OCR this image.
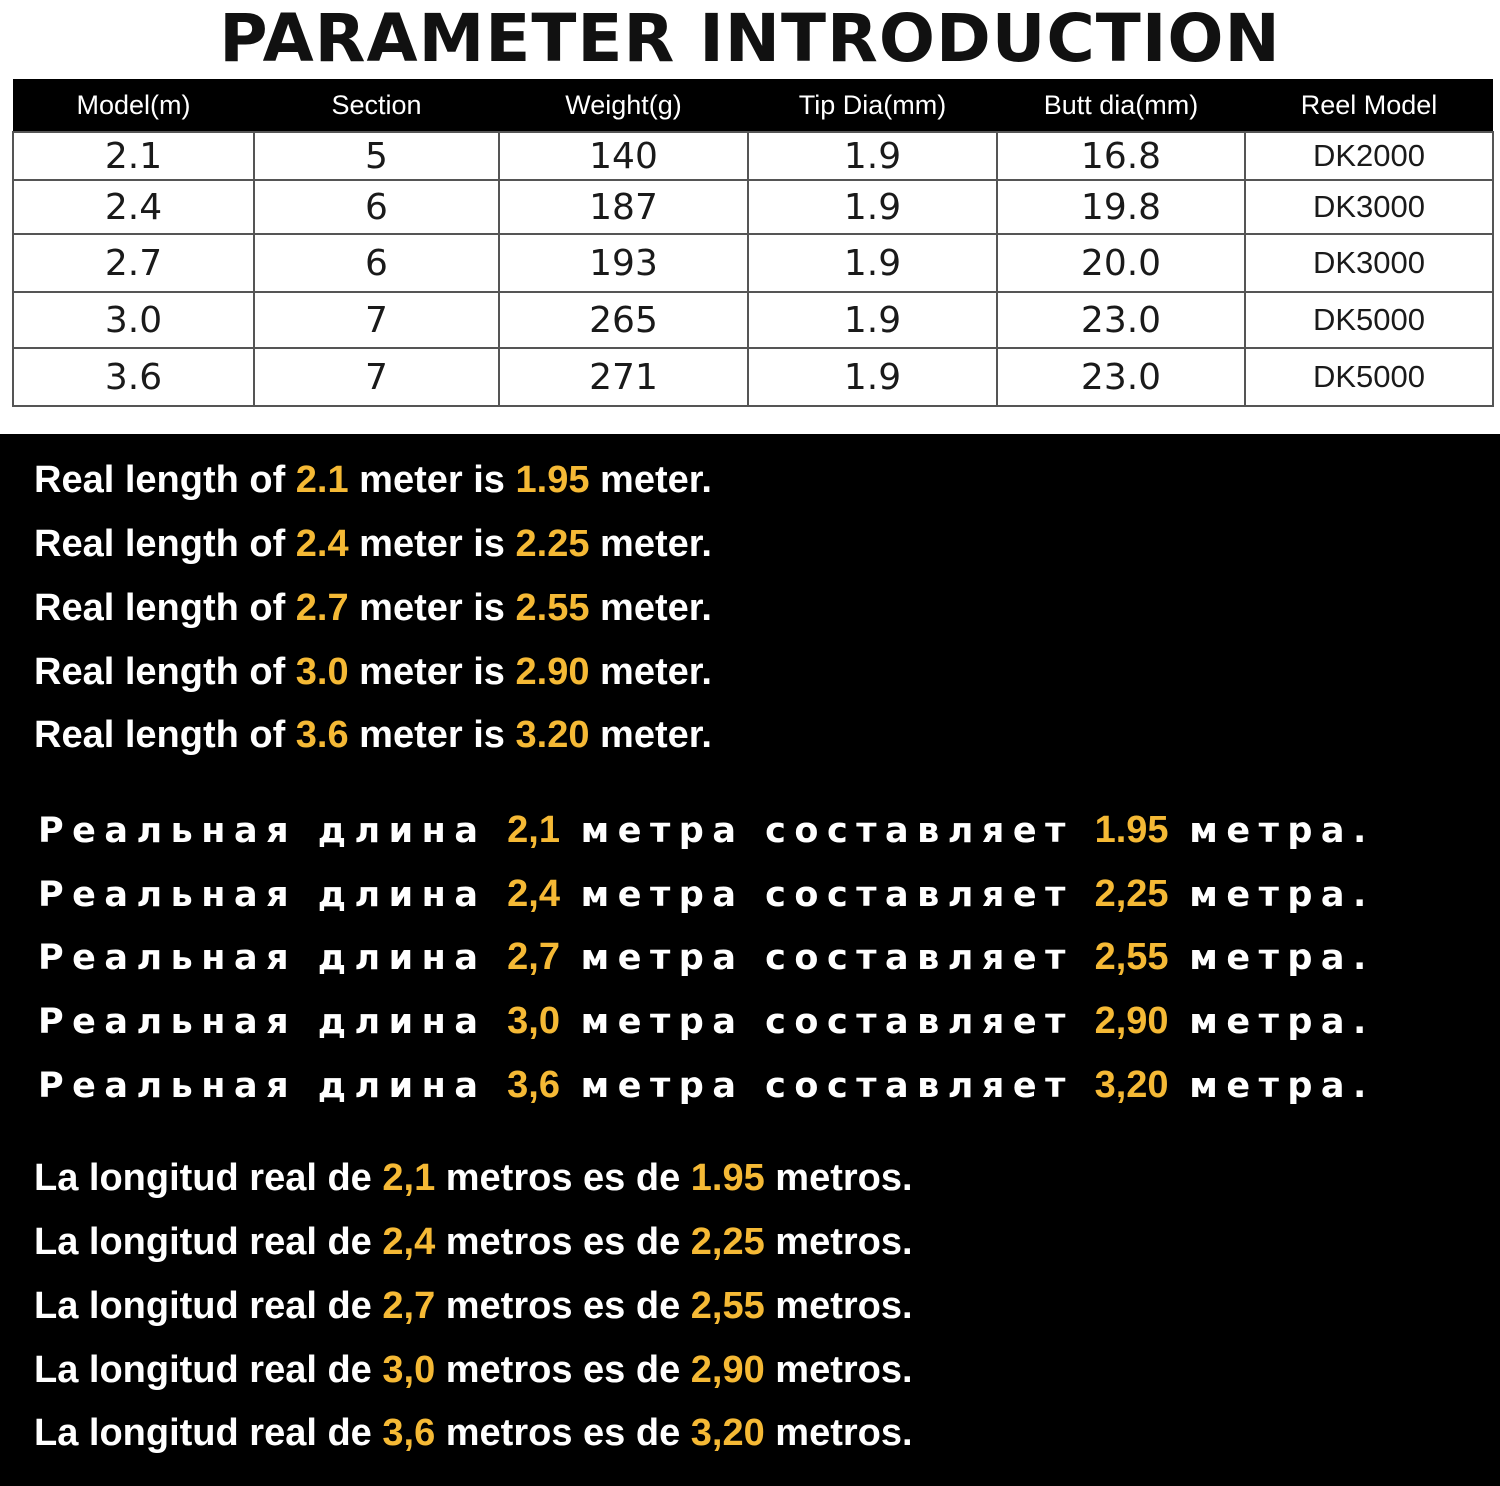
PARAMETER INTRODUCTION
Model(m)	Section	Weight(g)	Tip Dia(mm)	Butt dia(mm)	Reel Model
2.1	5	140	1.9	16.8	DK2000
2.4	6	187	1.9	19.8	DK3000
2.7	6	193	1.9	20.0	DK3000
3.0	7	265	1.9	23.0	DK5000
3.6	7	271	1.9	23.0	DK5000
Real length of 2.1 meter is 1.95 meter.
Real length of 2.4 meter is 2.25 meter.
Real length of 2.7 meter is 2.55 meter.
Real length of 3.0 meter is 2.90 meter.
Real length of 3.6 meter is 3.20 meter.
Реальная длина 2,1 метра составляет 1.95 метра.
Реальная длина 2,4 метра составляет 2,25 метра.
Реальная длина 2,7 метра составляет 2,55 метра.
Реальная длина 3,0 метра составляет 2,90 метра.
Реальная длина 3,6 метра составляет 3,20 метра.
La longitud real de 2,1 metros es de 1.95 metros.
La longitud real de 2,4 metros es de 2,25 metros.
La longitud real de 2,7 metros es de 2,55 metros.
La longitud real de 3,0 metros es de 2,90 metros.
La longitud real de 3,6 metros es de 3,20 metros.
